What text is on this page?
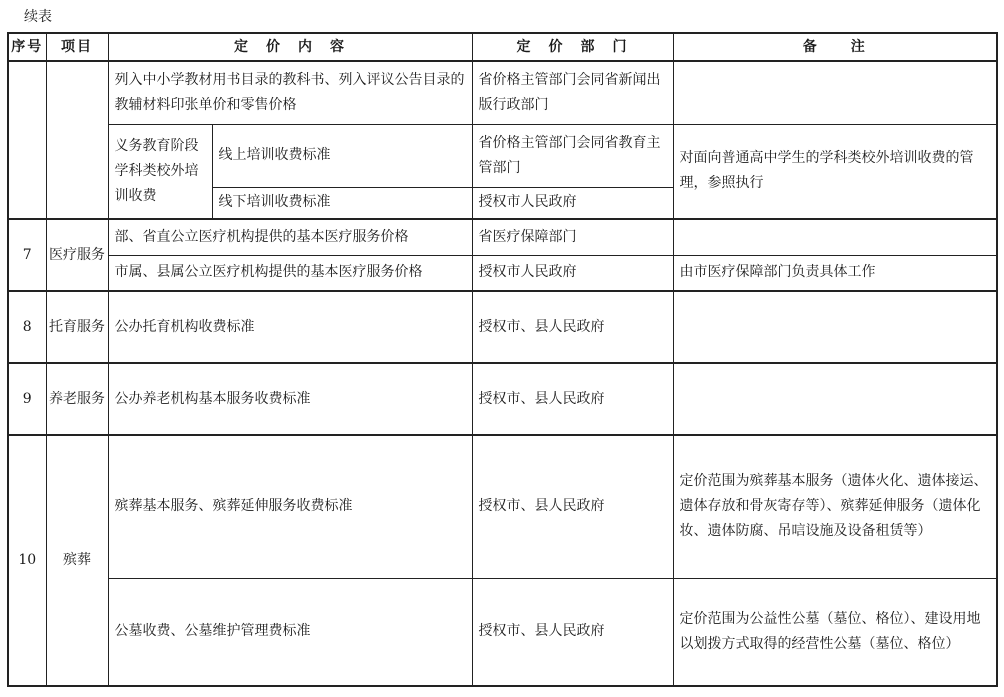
续表
序号	项目	定　价　内　容		定　价　部　门	备　　注
		列入中小学教材用书目录的教科书、列入评议公告目录的教辅材料印张单价和零售价格		省价格主管部门会同省新闻出版行政部门	
		义务教育阶段学科类校外培训收费	线上培训收费标准	省价格主管部门会同省教育主管部门	对面向普通高中学生的学科类校外培训收费的管理，参照执行
			线下培训收费标准	授权市人民政府	
7	医疗服务	部、省直公立医疗机构提供的基本医疗服务价格		省医疗保障部门	
		市属、县属公立医疗机构提供的基本医疗服务价格		授权市人民政府	由市医疗保障部门负责具体工作
8	托育服务	公办托育机构收费标准		授权市、县人民政府	
9	养老服务	公办养老机构基本服务收费标准		授权市、县人民政府	
10	殡葬	殡葬基本服务、殡葬延伸服务收费标准		授权市、县人民政府	定价范围为殡葬基本服务（遗体火化、遗体接运、遗体存放和骨灰寄存等）、殡葬延伸服务（遗体化妆、遗体防腐、吊唁设施及设备租赁等）
		公墓收费、公墓维护管理费标准		授权市、县人民政府	定价范围为公益性公墓（墓位、格位）、建设用地以划拨方式取得的经营性公墓（墓位、格位）
